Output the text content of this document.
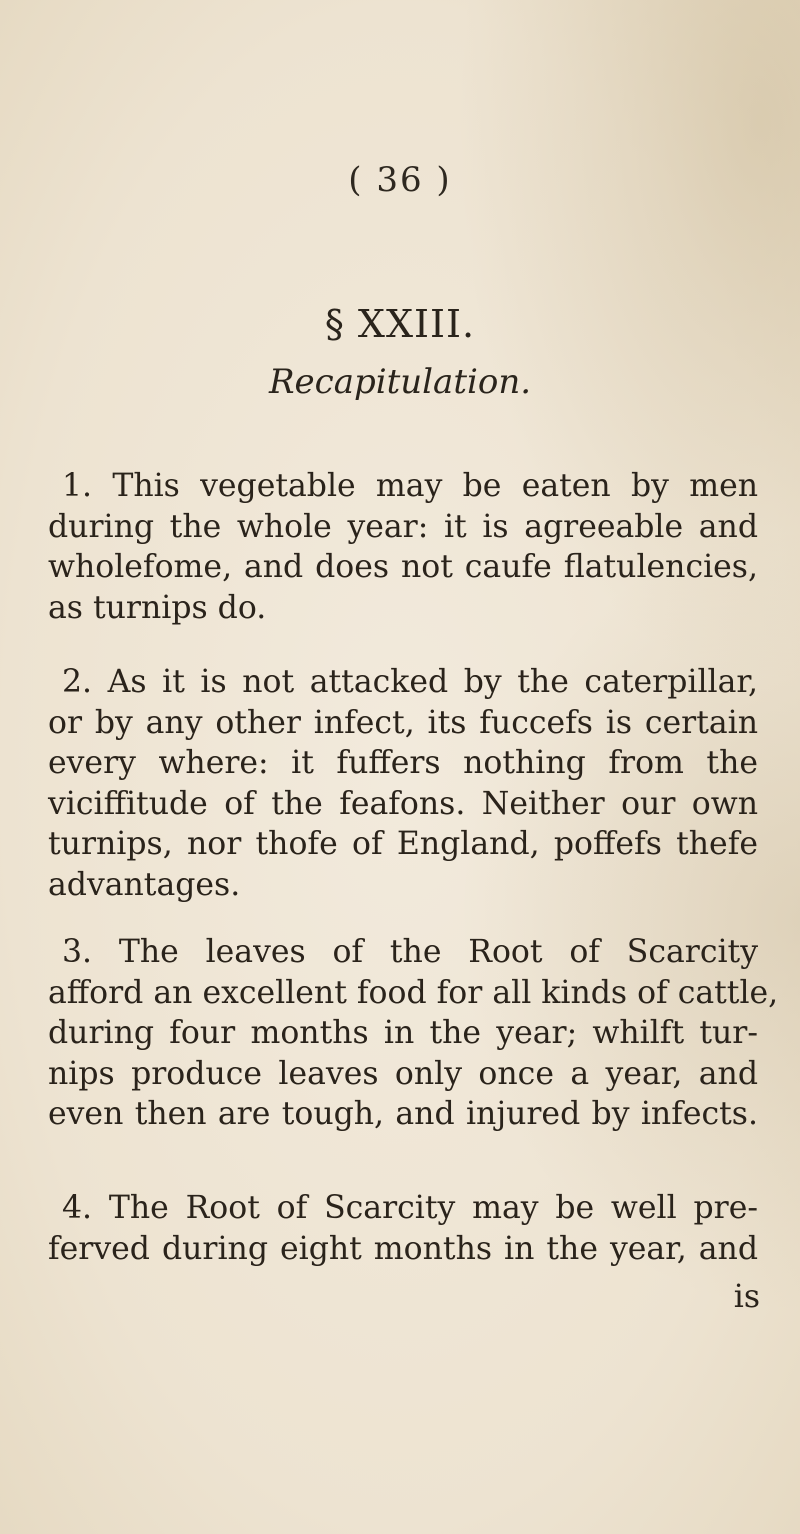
( 36 )
§ XXIII.
Recapitulation.
1. This vegetable may be eaten by men
during the whole year: it is agreeable and
wholefome, and does not caufe flatulencies,
as turnips do.
2. As it is not attacked by the caterpillar,
or by any other infect, its fuccefs is certain
every where: it fuffers nothing from the
viciffitude of the feafons. Neither our own
turnips, nor thofe of England, poffefs thefe
advantages.
3. The leaves of the Root of Scarcity
afford an excellent food for all kinds of cattle,
during four months in the year; whilft tur-
nips produce leaves only once a year, and
even then are tough, and injured by infects.
4. The Root of Scarcity may be well pre-
ferved during eight months in the year, and
is
